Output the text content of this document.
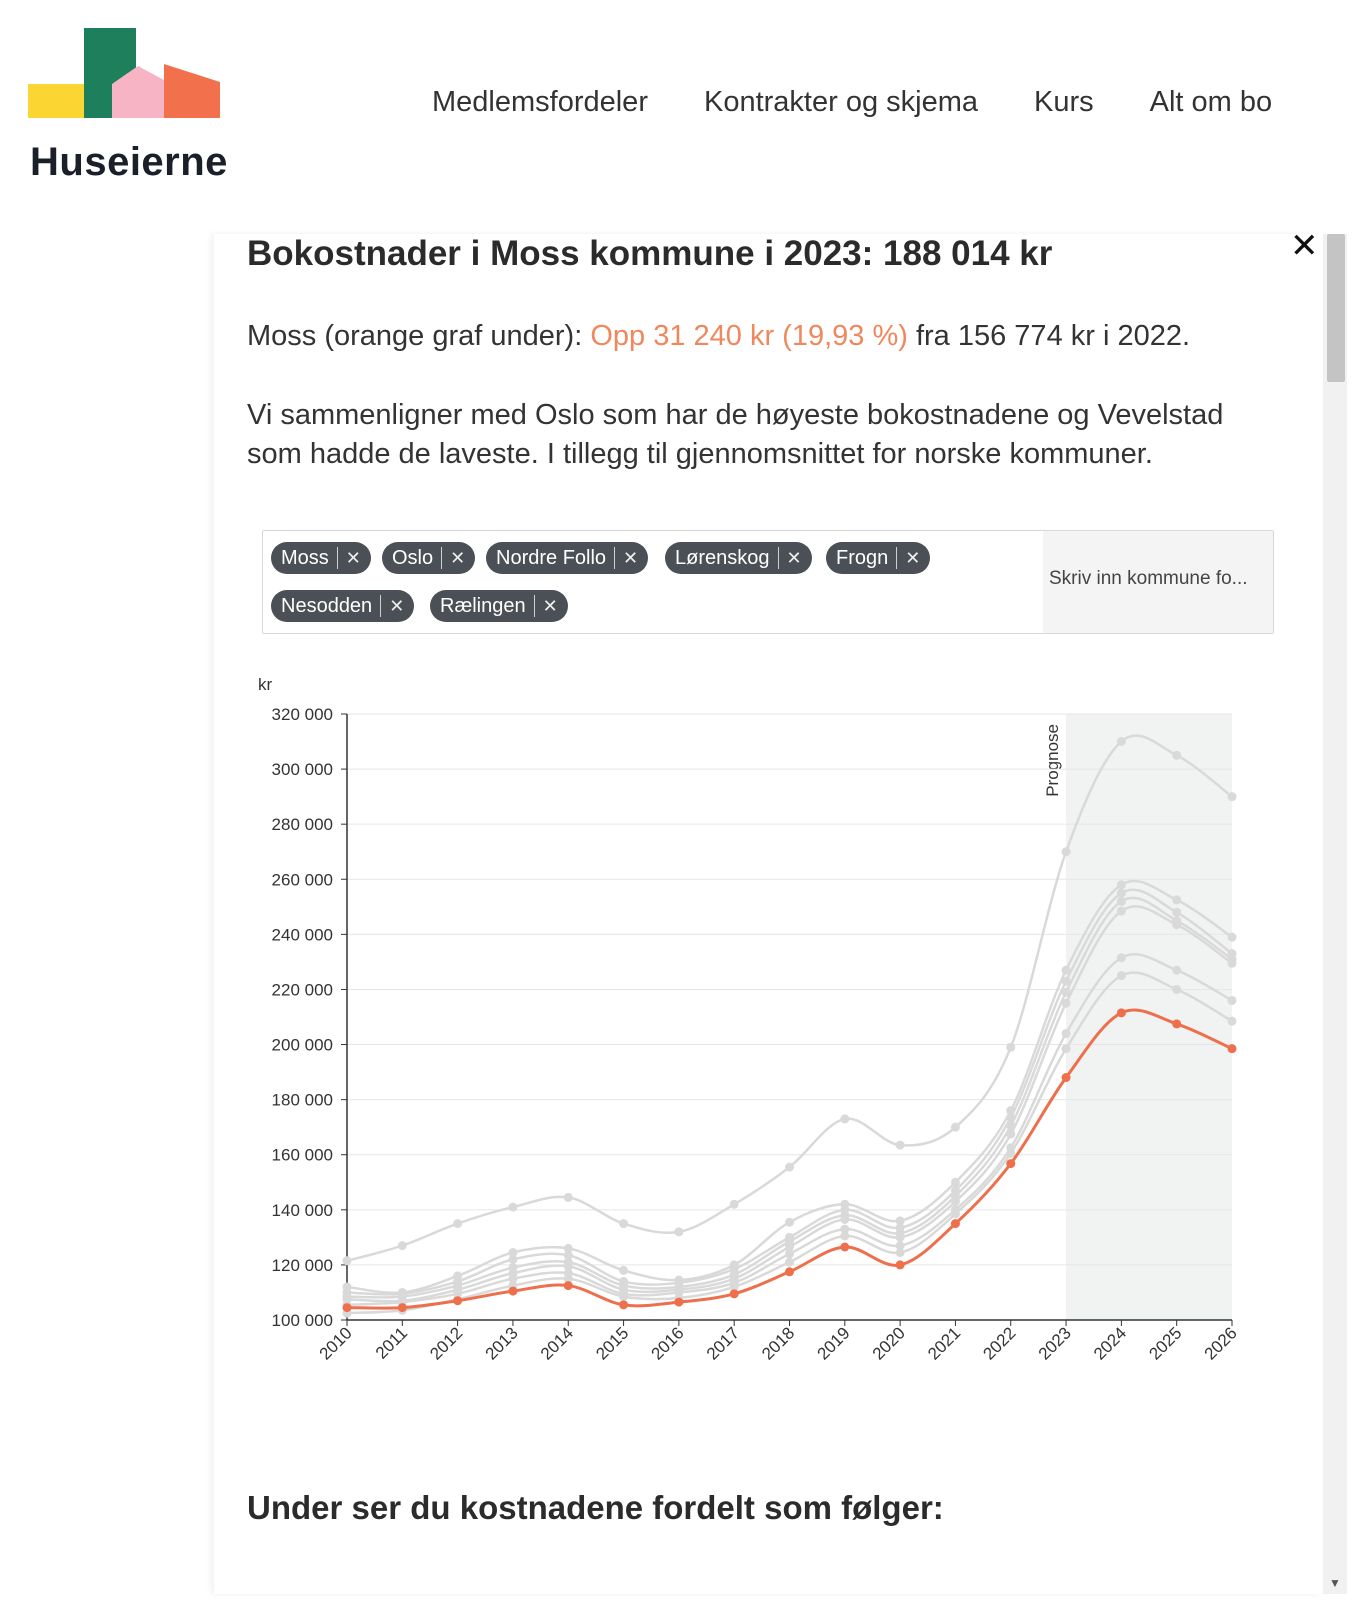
Huseierne
Medlemsfordeler Kontrakter og skjema Kurs Alt om bo
Bokostnader i Moss kommune i 2023: 188 014 kr	✕
Moss (orange graf under): Opp 31 240 kr (19,93 %) fra 156 774 kr i 2022.
Vi sammenligner med Oslo som har de høyeste bokostnadene og Vevelstad som hadde de laveste. I tillegg til gjennomsnittet for norske kommuner.
Moss ✕ Oslo ✕ Nordre Follo ✕ Lørenskog ✕ Frogn ✕
Nesodden ✕ Rælingen ✕
Skriv inn kommune fo...
Prognose
100 000
120 000
140 000
160 000
180 000
200 000
220 000
240 000
260 000
280 000
300 000
320 000
kr
2010 2011 2012 2013 2014 2015 2016 2017 2018 2019 2020 2021 2022 2023 2024 2025 2026
Under ser du kostnadene fordelt som følger:
▼
